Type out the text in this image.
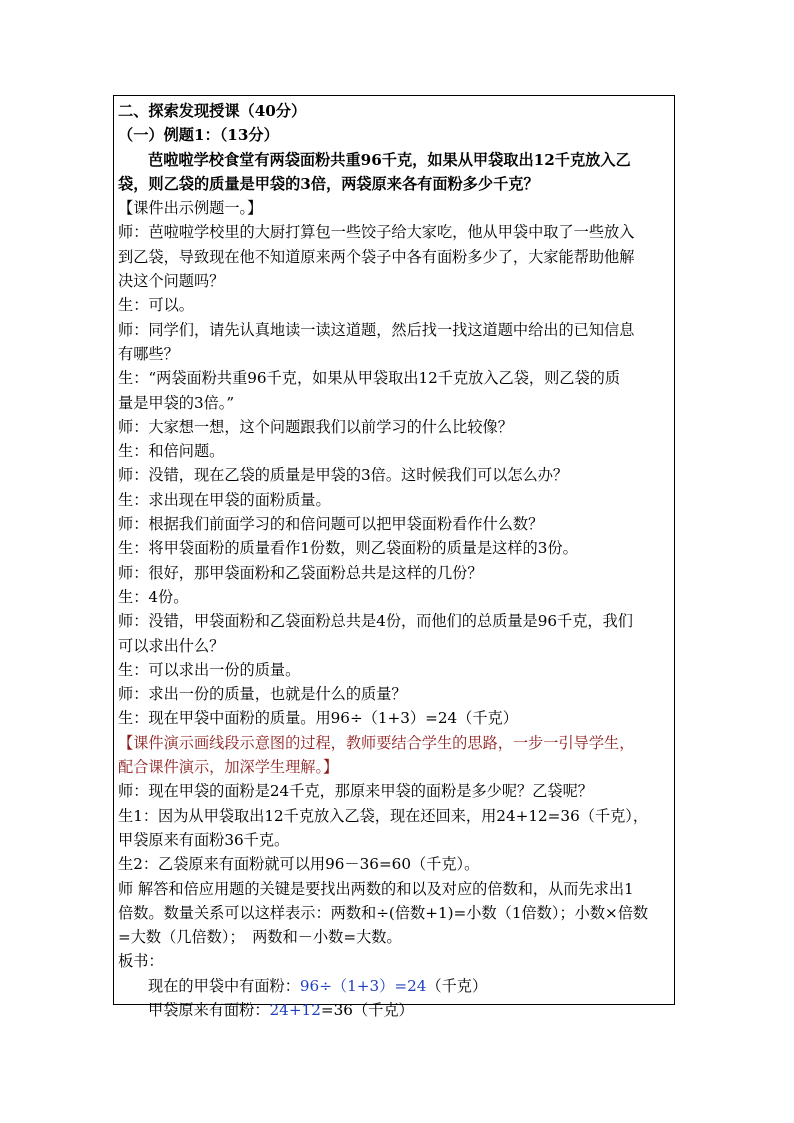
二、探索发现授课（40分）
（一）例题1：（13分）
芭啦啦学校食堂有两袋面粉共重96千克，如果从甲袋取出12千克放入乙
袋，则乙袋的质量是甲袋的3倍，两袋原来各有面粉多少千克？
【课件出示例题一。】
师：芭啦啦学校里的大厨打算包一些饺子给大家吃，他从甲袋中取了一些放入
到乙袋，导致现在他不知道原来两个袋子中各有面粉多少了，大家能帮助他解
决这个问题吗？
生：可以。
师：同学们，请先认真地读一读这道题，然后找一找这道题中给出的已知信息
有哪些？
生：“两袋面粉共重96千克，如果从甲袋取出12千克放入乙袋，则乙袋的质
量是甲袋的3倍。”
师：大家想一想，这个问题跟我们以前学习的什么比较像？
生：和倍问题。
师：没错，现在乙袋的质量是甲袋的3倍。这时候我们可以怎么办？
生：求出现在甲袋的面粉质量。
师：根据我们前面学习的和倍问题可以把甲袋面粉看作什么数？
生：将甲袋面粉的质量看作1份数，则乙袋面粉的质量是这样的3份。
师：很好，那甲袋面粉和乙袋面粉总共是这样的几份？
生：4份。
师：没错，甲袋面粉和乙袋面粉总共是4份，而他们的总质量是96千克，我们
可以求出什么？
生：可以求出一份的质量。
师：求出一份的质量，也就是什么的质量？
生：现在甲袋中面粉的质量。用96÷（1+3）=24（千克）
【课件演示画线段示意图的过程，教师要结合学生的思路，一步一引导学生，
配合课件演示，加深学生理解。】
师：现在甲袋的面粉是24千克，那原来甲袋的面粉是多少呢？乙袋呢？
生1：因为从甲袋取出12千克放入乙袋，现在还回来，用24+12=36（千克），
甲袋原来有面粉36千克。
生2：乙袋原来有面粉就可以用96－36=60（千克）。
师 解答和倍应用题的关键是要找出两数的和以及对应的倍数和，从而先求出1
倍数。数量关系可以这样表示：两数和÷(倍数+1)=小数（1倍数）；小数×倍数
=大数（几倍数）；　两数和－小数=大数。
板书：
现在的甲袋中有面粉：96÷（1+3）=24（千克）
甲袋原来有面粉：24+12=36（千克）
